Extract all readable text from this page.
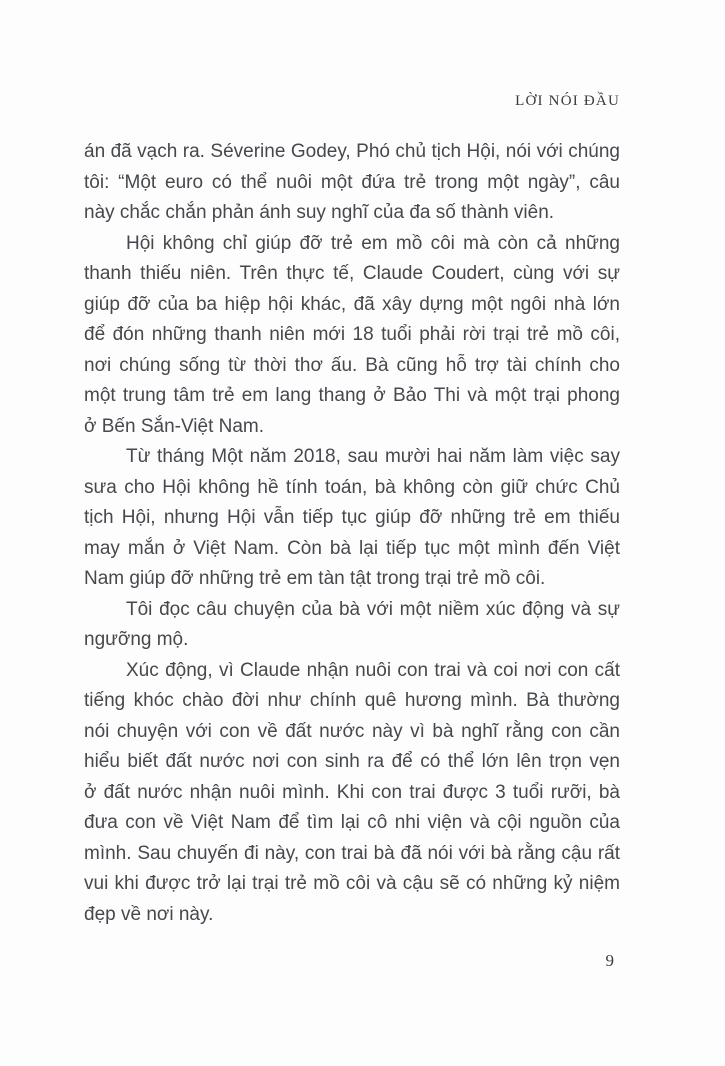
LỜI NÓI ĐẦU
án đã vạch ra. Séverine Godey, Phó chủ tịch Hội, nói với chúng
tôi: “Một euro có thể nuôi một đứa trẻ trong một ngày”, câu
này chắc chắn phản ánh suy nghĩ của đa số thành viên.
Hội không chỉ giúp đỡ trẻ em mồ côi mà còn cả những
thanh thiếu niên. Trên thực tế, Claude Coudert, cùng với sự
giúp đỡ của ba hiệp hội khác, đã xây dựng một ngôi nhà lớn
để đón những thanh niên mới 18 tuổi phải rời trại trẻ mồ côi,
nơi chúng sống từ thời thơ ấu. Bà cũng hỗ trợ tài chính cho
một trung tâm trẻ em lang thang ở Bảo Thi và một trại phong
ở Bến Sắn-Việt Nam.
Từ tháng Một năm 2018, sau mười hai năm làm việc say
sưa cho Hội không hề tính toán, bà không còn giữ chức Chủ
tịch Hội, nhưng Hội vẫn tiếp tục giúp đỡ những trẻ em thiếu
may mắn ở Việt Nam. Còn bà lại tiếp tục một mình đến Việt
Nam giúp đỡ những trẻ em tàn tật trong trại trẻ mồ côi.
Tôi đọc câu chuyện của bà với một niềm xúc động và sự
ngưỡng mộ.
Xúc động, vì Claude nhận nuôi con trai và coi nơi con cất
tiếng khóc chào đời như chính quê hương mình. Bà thường
nói chuyện với con về đất nước này vì bà nghĩ rằng con cần
hiểu biết đất nước nơi con sinh ra để có thể lớn lên trọn vẹn
ở đất nước nhận nuôi mình. Khi con trai được 3 tuổi rưỡi, bà
đưa con về Việt Nam để tìm lại cô nhi viện và cội nguồn của
mình. Sau chuyến đi này, con trai bà đã nói với bà rằng cậu rất
vui khi được trở lại trại trẻ mồ côi và cậu sẽ có những kỷ niệm
đẹp về nơi này.
9
